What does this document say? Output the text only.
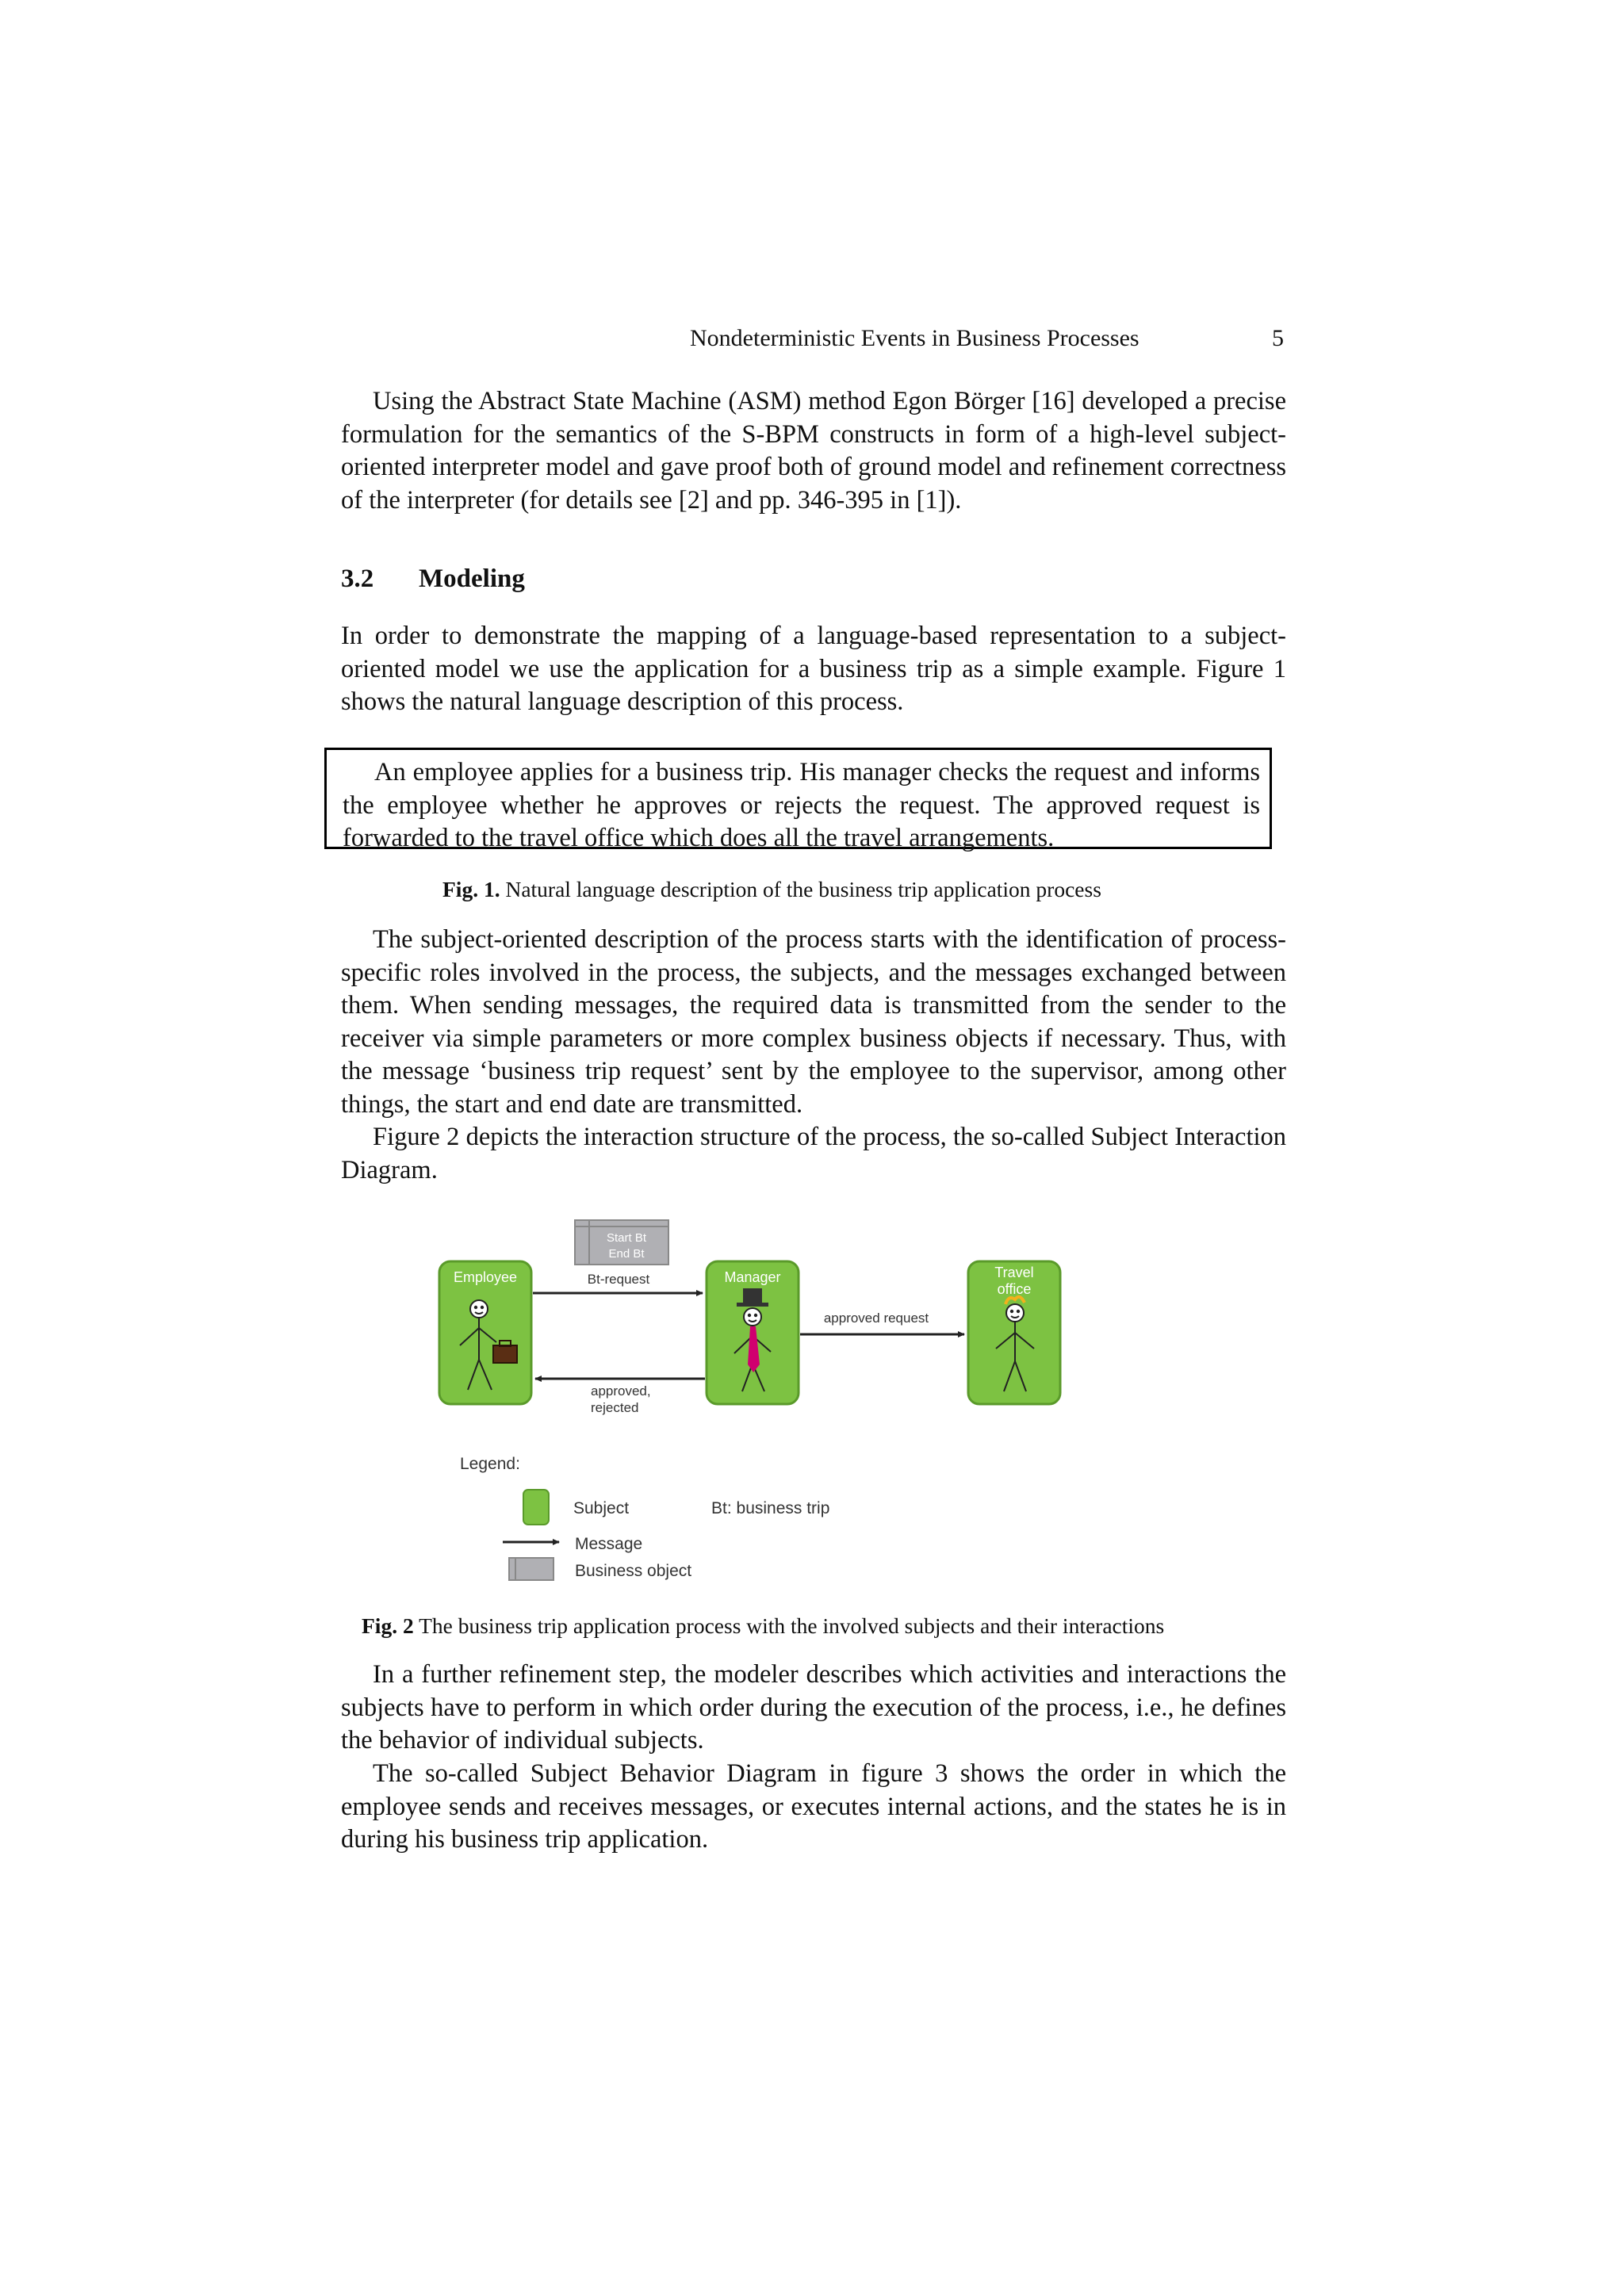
Nondeterministic Events in Business Processes	5

Using the Abstract State Machine (ASM) method Egon Börger [16] developed a precise formulation for the semantics of the S-BPM constructs in form of a high-level subject-oriented interpreter model and gave proof both of ground model and refinement correctness of the interpreter (for details see [2] and pp. 346-395 in [1]).

3.2 Modeling

In order to demonstrate the mapping of a language-based representation to a subject-oriented model we use the application for a business trip as a simple example. Figure 1 shows the natural language description of this process.

An employee applies for a business trip. His manager checks the request and informs the employee whether he approves or rejects the request. The approved request is forwarded to the travel office which does all the travel arrangements.

Fig. 1. Natural language description of the business trip application process

The subject-oriented description of the process starts with the identification of process-specific roles involved in the process, the subjects, and the messages exchanged between them. When sending messages, the required data is transmitted from the sender to the receiver via simple parameters or more complex business objects if necessary. Thus, with the message ‘business trip request’ sent by the employee to the supervisor, among other things, the start and end date are transmitted.

Figure 2 depicts the interaction structure of the process, the so-called Subject Interaction Diagram.

Start Bt
End Bt
Employee	Manager	Travel
office
Bt-request
approved request
approved,
rejected
Legend:
Subject	Bt: business trip
Message
Business object
Fig. 2 The business trip application process with the involved subjects and their interactions

In a further refinement step, the modeler describes which activities and interactions the subjects have to perform in which order during the execution of the process, i.e., he defines the behavior of individual subjects.

The so-called Subject Behavior Diagram in figure 3 shows the order in which the employee sends and receives messages, or executes internal actions, and the states he is in during his business trip application.
